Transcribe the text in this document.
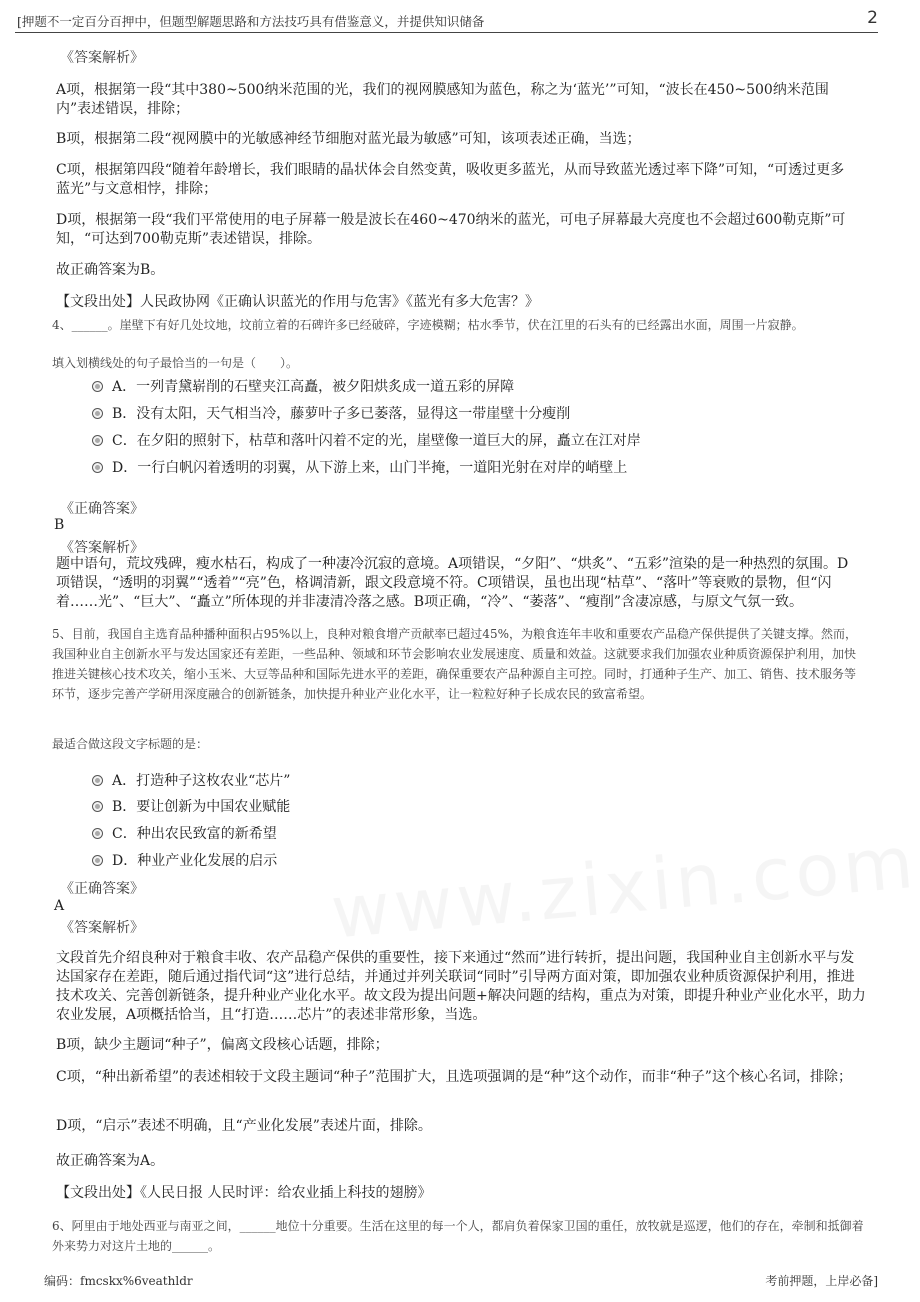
[押题不一定百分百押中，但题型解题思路和方法技巧具有借鉴意义，并提供知识储备	2
《答案解析》

A项，根据第一段“其中380~500纳米范围的光，我们的视网膜感知为蓝色，称之为‘蓝光’”可知，“波长在450~500纳米范围内”表述错误，排除；

B项，根据第二段“视网膜中的光敏感神经节细胞对蓝光最为敏感”可知，该项表述正确，当选；

C项，根据第四段“随着年龄增长，我们眼睛的晶状体会自然变黄，吸收更多蓝光，从而导致蓝光透过率下降”可知，“可透过更多蓝光”与文意相悖，排除；

D项，根据第一段“我们平常使用的电子屏幕一般是波长在460~470纳米的蓝光，可电子屏幕最大亮度也不会超过600勒克斯”可知，“可达到700勒克斯”表述错误，排除。

故正确答案为B。
【文段出处】人民政协网《正确认识蓝光的作用与危害》《蓝光有多大危害？》

4、______。崖壁下有好几处坟地，坟前立着的石碑许多已经破碎，字迹模糊；枯水季节，伏在江里的石头有的已经露出水面，周围一片寂静。

填入划横线处的句子最恰当的一句是（　　）。
A． 一列青黛崭削的石壁夹江高矗，被夕阳烘炙成一道五彩的屏障
B． 没有太阳，天气相当冷，藤萝叶子多已萎落，显得这一带崖壁十分瘦削
C． 在夕阳的照射下，枯草和落叶闪着不定的光，崖壁像一道巨大的屏，矗立在江对岸
D． 一行白帆闪着透明的羽翼，从下游上来，山门半掩，一道阳光射在对岸的峭壁上
《正确答案》
B
《答案解析》

题中语句，荒坟残碑，瘦水枯石，构成了一种凄冷沉寂的意境。A项错误，“夕阳”、“烘炙”、“五彩”渲染的是一种热烈的氛围。D项错误，“透明的羽翼”“透着”“亮”色，格调清新，跟文段意境不符。C项错误，虽也出现“枯草”、“落叶”等衰败的景物，但“闪着……光”、“巨大”、“矗立”所体现的并非凄清冷落之感。B项正确，“冷”、“萎落”、“瘦削”含凄凉感，与原文气氛一致。

5、目前，我国自主选育品种播种面积占95%以上，良种对粮食增产贡献率已超过45%，为粮食连年丰收和重要农产品稳产保供提供了关键支撑。然而，我国种业自主创新水平与发达国家还有差距，一些品种、领域和环节会影响农业发展速度、质量和效益。这就要求我们加强农业种质资源保护利用，加快推进关键核心技术攻关，缩小玉米、大豆等品种和国际先进水平的差距，确保重要农产品种源自主可控。同时，打通种子生产、加工、销售、技术服务等环节，逐步完善产学研用深度融合的创新链条，加快提升种业产业化水平，让一粒粒好种子长成农民的致富希望。

最适合做这段文字标题的是：
A． 打造种子这枚农业“芯片”
B． 要让创新为中国农业赋能
C． 种出农民致富的新希望
D． 种业产业化发展的启示
《正确答案》
A
《答案解析》

文段首先介绍良种对于粮食丰收、农产品稳产保供的重要性，接下来通过“然而”进行转折，提出问题，我国种业自主创新水平与发达国家存在差距，随后通过指代词“这”进行总结，并通过并列关联词“同时”引导两方面对策，即加强农业种质资源保护利用，推进技术攻关、完善创新链条，提升种业产业化水平。故文段为提出问题+解决问题的结构，重点为对策，即提升种业产业化水平，助力农业发展，A项概括恰当，且“打造……芯片”的表述非常形象，当选。

B项，缺少主题词“种子”，偏离文段核心话题，排除；

C项，“种出新希望”的表述相较于文段主题词“种子”范围扩大，且选项强调的是“种”这个动作，而非“种子”这个核心名词，排除；

D项，“启示”表述不明确，且“产业化发展”表述片面，排除。

故正确答案为A。
【文段出处】《人民日报 人民时评：给农业插上科技的翅膀》

6、阿里由于地处西亚与南亚之间，______地位十分重要。生活在这里的每一个人，都肩负着保家卫国的重任，放牧就是巡逻，他们的存在，牵制和抵御着外来势力对这片土地的______。

编码：fmcskx%6veathldr	考前押题，上岸必备]
